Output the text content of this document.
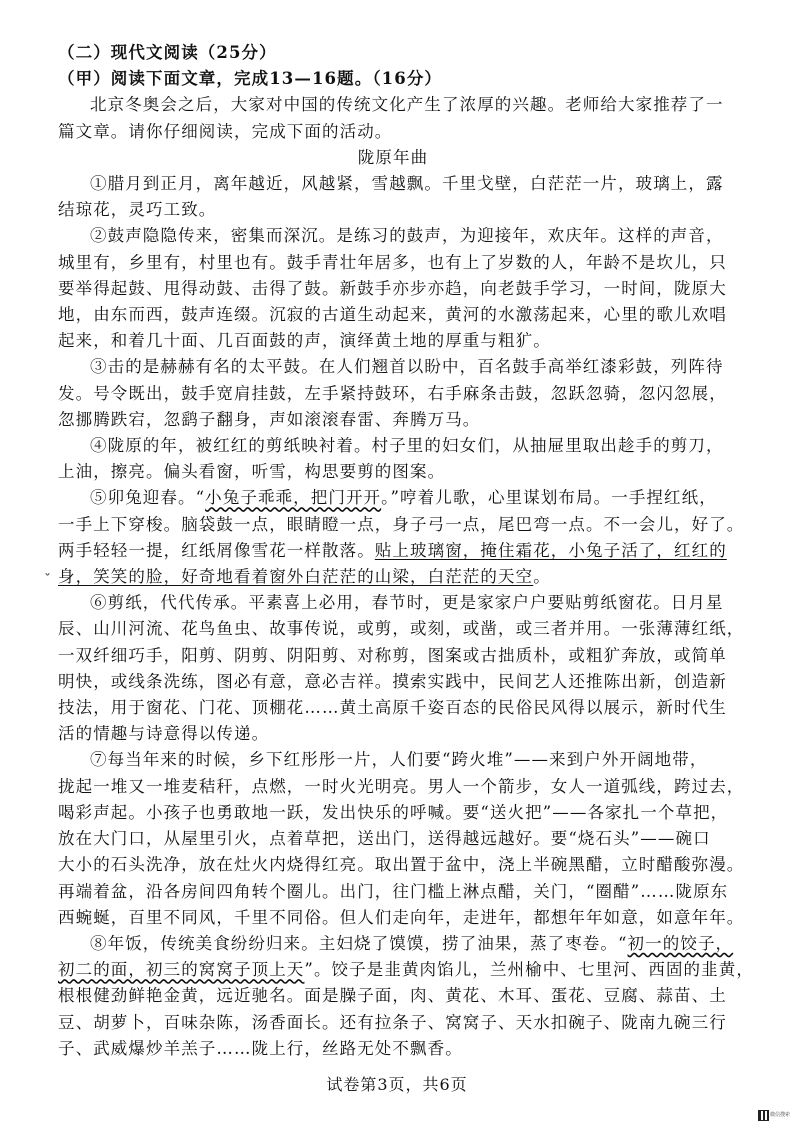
ˇ
（二）现代文阅读（25分）
（甲）阅读下面文章，完成13—16题。（16分）
北京冬奥会之后，大家对中国的传统文化产生了浓厚的兴趣。老师给大家推荐了一
篇文章。请你仔细阅读，完成下面的活动。
陇原年曲
①腊月到正月，离年越近，风越紧，雪越飘。千里戈壁，白茫茫一片，玻璃上，露
结琼花，灵巧工致。
②鼓声隐隐传来，密集而深沉。是练习的鼓声，为迎接年，欢庆年。这样的声音，
城里有，乡里有，村里也有。鼓手青壮年居多，也有上了岁数的人，年龄不是坎儿，只
要举得起鼓、甩得动鼓、击得了鼓。新鼓手亦步亦趋，向老鼓手学习，一时间，陇原大
地，由东而西，鼓声连缀。沉寂的古道生动起来，黄河的水激荡起来，心里的歌儿欢唱
起来，和着几十面、几百面鼓的声，演绎黄土地的厚重与粗犷。
③击的是赫赫有名的太平鼓。在人们翘首以盼中，百名鼓手高举红漆彩鼓，列阵待
发。号令既出，鼓手宽肩挂鼓，左手紧持鼓环，右手麻条击鼓，忽跃忽骑，忽闪忽展，
忽挪腾跌宕，忽鹞子翻身，声如滚滚春雷、奔腾万马。
④陇原的年，被红红的剪纸映衬着。村子里的妇女们，从抽屉里取出趁手的剪刀，
上油，擦亮。偏头看窗，听雪，构思要剪的图案。
⑤卯兔迎春。“小兔子乖乖，把门开开。”哼着儿歌，心里谋划布局。一手捏红纸，
一手上下穿梭。脑袋鼓一点，眼睛瞪一点，身子弓一点，尾巴弯一点。不一会儿，好了。
两手轻轻一提，红纸屑像雪花一样散落。贴上玻璃窗，掩住霜花，小兔子活了，红红的
身，笑笑的脸，好奇地看着窗外白茫茫的山梁，白茫茫的天空。
⑥剪纸，代代传承。平素喜上必用，春节时，更是家家户户要贴剪纸窗花。日月星
辰、山川河流、花鸟鱼虫、故事传说，或剪，或刻，或凿，或三者并用。一张薄薄红纸，
一双纤细巧手，阳剪、阴剪、阴阳剪、对称剪，图案或古拙质朴，或粗犷奔放，或简单
明快，或线条洗练，图必有意，意必吉祥。摸索实践中，民间艺人还推陈出新，创造新
技法，用于窗花、门花、顶棚花……黄土高原千姿百态的民俗民风得以展示，新时代生
活的情趣与诗意得以传递。
⑦每当年来的时候，乡下红彤彤一片，人们要“跨火堆”——来到户外开阔地带，
拢起一堆又一堆麦秸秆，点燃，一时火光明亮。男人一个箭步，女人一道弧线，跨过去，
喝彩声起。小孩子也勇敢地一跃，发出快乐的呼喊。要“送火把”——各家扎一个草把，
放在大门口，从屋里引火，点着草把，送出门，送得越远越好。要“烧石头”——碗口
大小的石头洗净，放在灶火内烧得红亮。取出置于盆中，浇上半碗黑醋，立时醋酸弥漫。
再端着盆，沿各房间四角转个圈儿。出门，往门槛上淋点醋，关门，“圈醋”……陇原东
西蜿蜒，百里不同风，千里不同俗。但人们走向年，走进年，都想年年如意，如意年年。
⑧年饭，传统美食纷纷归来。主妇烧了馍馍，捞了油果，蒸了枣卷。“初一的饺子，
初二的面，初三的窝窝子顶上天”。饺子是韭黄肉馅儿，兰州榆中、七里河、西固的韭黄，
根根健劲鲜艳金黄，远近驰名。面是臊子面，肉、黄花、木耳、蛋花、豆腐、蒜苗、土
豆、胡萝卜，百味杂陈，汤香面长。还有拉条子、窝窝子、天水扣碗子、陇南九碗三行
子、武威爆炒羊羔子……陇上行，丝路无处不飘香。
试卷第3页，共6页
微信搜索
